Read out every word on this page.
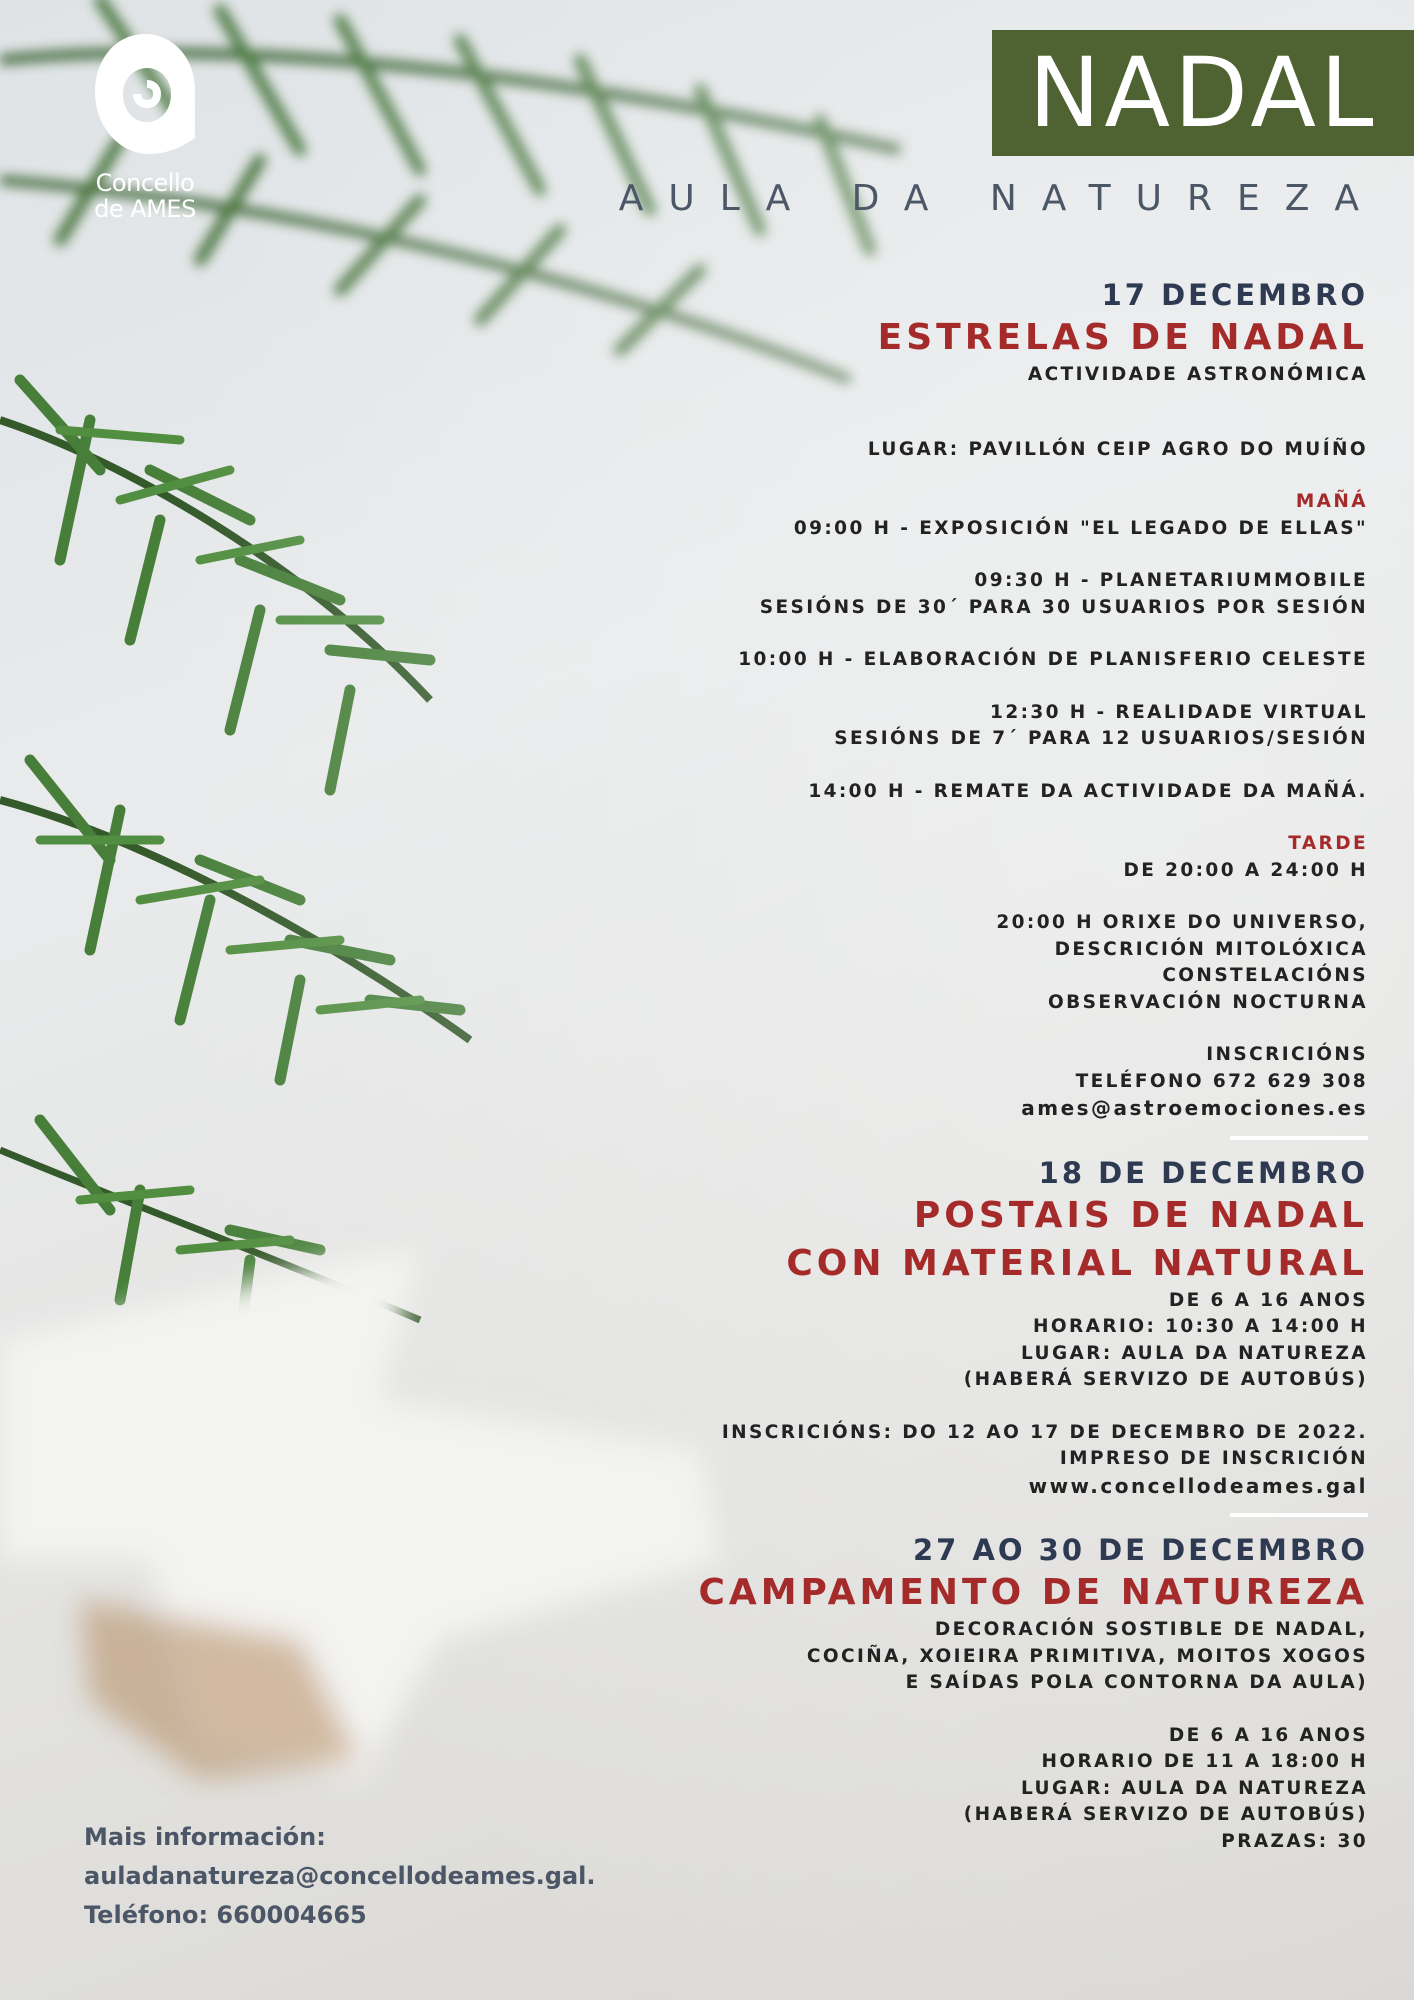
Concello
de AMES
NADAL
AULA DA NATUREZA

17 DECEMBRO

ESTRELAS DE NADAL

ACTIVIDADE ASTRONÓMICA

LUGAR: PAVILLÓN CEIP AGRO DO MUÍÑO

MAÑÁ

09:00 H - EXPOSICIÓN "EL LEGADO DE ELLAS"

09:30 H - PLANETARIUMMOBILE

SESIÓNS DE 30´ PARA 30 USUARIOS POR SESIÓN

10:00 H - ELABORACIÓN DE PLANISFERIO CELESTE

12:30 H - REALIDADE VIRTUAL

SESIÓNS DE 7´ PARA 12 USUARIOS/SESIÓN

14:00 H - REMATE DA ACTIVIDADE DA MAÑÁ.

TARDE

DE 20:00 A 24:00 H

20:00 H ORIXE DO UNIVERSO,

DESCRICIÓN MITOLÓXICA

CONSTELACIÓNS

OBSERVACIÓN NOCTURNA

INSCRICIÓNS

TELÉFONO 672 629 308

ames@astroemociones.es

18 DE DECEMBRO

POSTAIS DE NADAL

CON MATERIAL NATURAL

DE 6 A 16 ANOS

HORARIO: 10:30 A 14:00 H

LUGAR: AULA DA NATUREZA

(HABERÁ SERVIZO DE AUTOBÚS)

INSCRICIÓNS: DO 12 AO 17 DE DECEMBRO DE 2022.

IMPRESO DE INSCRICIÓN

www.concellodeames.gal

27 AO 30 DE DECEMBRO

CAMPAMENTO DE NATUREZA

DECORACIÓN SOSTIBLE DE NADAL,

COCIÑA, XOIEIRA PRIMITIVA, MOITOS XOGOS

E SAÍDAS POLA CONTORNA DA AULA)

DE 6 A 16 ANOS

HORARIO DE 11 A 18:00 H

LUGAR: AULA DA NATUREZA

(HABERÁ SERVIZO DE AUTOBÚS)

PRAZAS: 30

Mais información:

auladanatureza@concellodeames.gal.

Teléfono: 660004665
